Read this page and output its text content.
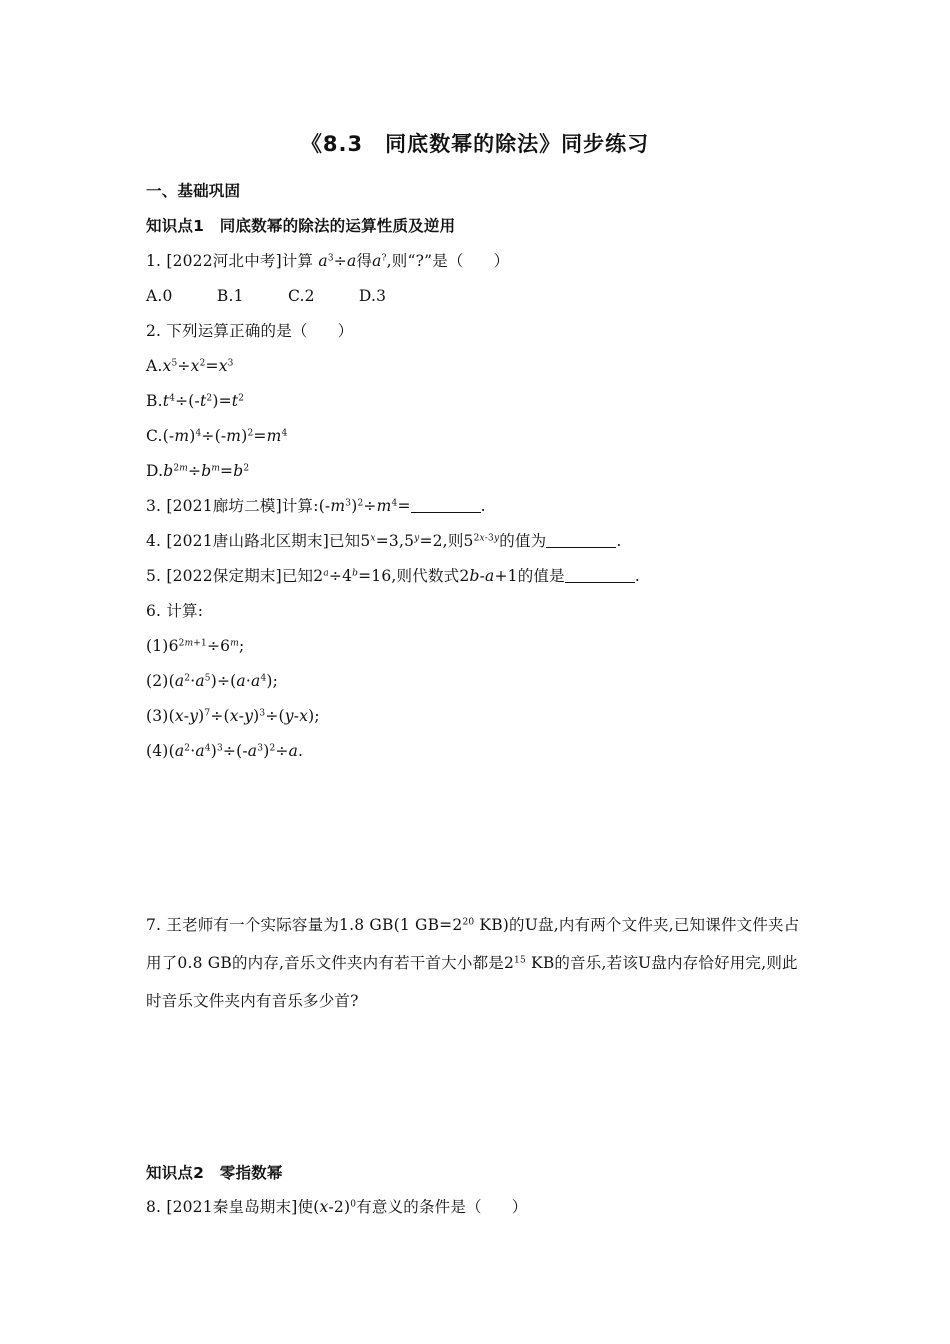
《8.3　同底数幂的除法》同步练习
一、基础巩固
知识点1　同底数幂的除法的运算性质及逆用
1. [2022河北中考]计算 $a^3\div a$得a?,则“?”是（ ）
A.0	B.1	C.2	D.3
2. 下列运算正确的是（ ）
$A.x^5\div x^2=x^3$
$B.t^4\div(-t^2)=t^2$
$C.(-m)^4\div(-m)^2=m^4$
$D.b^{2m}\div b^m=b^2$
3. [2021廊坊二模]计算$:(-m^3)^2\div m^4=$	.
4. [2021唐山路北区期末]已知$5^x=3,5^y=2$,则$5^{2x-3y}$的值为	.
5. [2022保定期末]已知$2^a\div 4^b=16$,则代数式2b-a+1的值是	.
6. 计算:
$(1)6^{2m+1}\div 6^m$;
$(2)(a^2\cdot a^5)\div(a\cdot a^4)$;
$(3)(x-y)^7\div(x-y)^3\div(y-x)$;
$(4)(a^2\cdot a^4)^3\div(-a^3)^2\div a$.
7. 王老师有一个实际容量为1.8 GB(1 $GB=2^{20}$ KB)的U盘,内有两个文件夹,已知课件文件夹占用了0.8 GB的内存,音乐文件夹内有若干首大小都是$2^{15}$ KB的音乐,若该U盘内存恰好用完,则此时音乐文件夹内有音乐多少首?
知识点2　零指数幂
8. [2021秦皇岛期末]使$(x-2)^0$有意义的条件是（ ）
